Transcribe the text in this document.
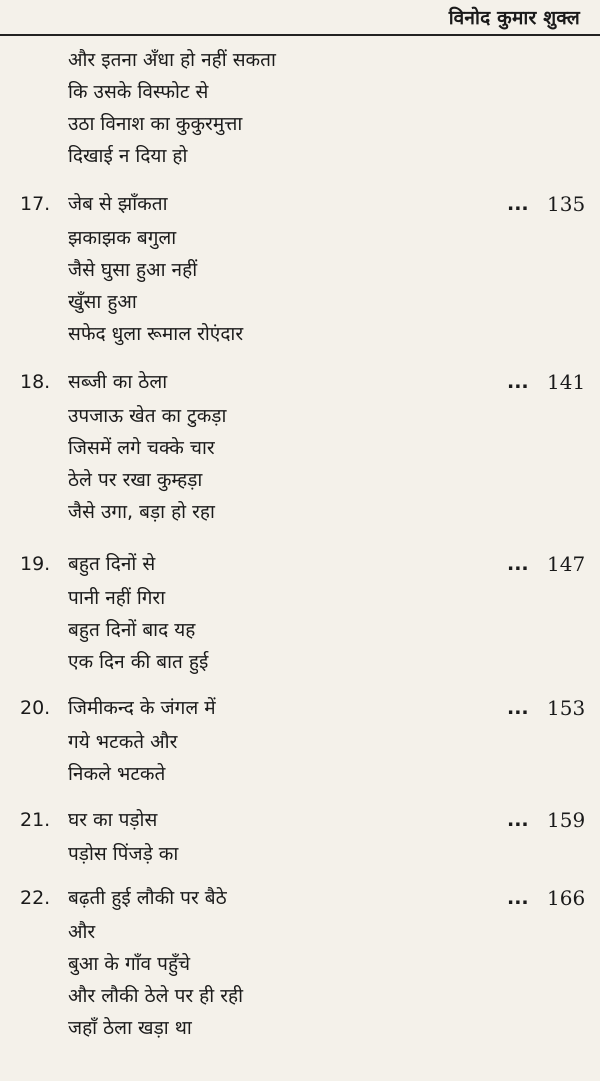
विनोद कुमार शुक्ल
और इतना अँधा हो नहीं सकता
कि उसके विस्फोट से
उठा विनाश का कुकुरमुत्ता
दिखाई न दिया हो
17. जेब से झाँकता	... 135
झकाझक बगुला
जैसे घुसा हुआ नहीं
खुँसा हुआ
सफेद धुला रूमाल रोएंदार
18. सब्जी का ठेला	... 141
उपजाऊ खेत का टुकड़ा
जिसमें लगे चक्के चार
ठेले पर रखा कुम्हड़ा
जैसे उगा, बड़ा हो रहा
19. बहुत दिनों से	... 147
पानी नहीं गिरा
बहुत दिनों बाद यह
एक दिन की बात हुई
20. जिमीकन्द के जंगल में	... 153
गये भटकते और
निकले भटकते
21. घर का पड़ोस	... 159
पड़ोस पिंजड़े का
22. बढ़ती हुई लौकी पर बैठे	... 166
और
बुआ के गाँव पहुँचे
और लौकी ठेले पर ही रही
जहाँ ठेला खड़ा था
